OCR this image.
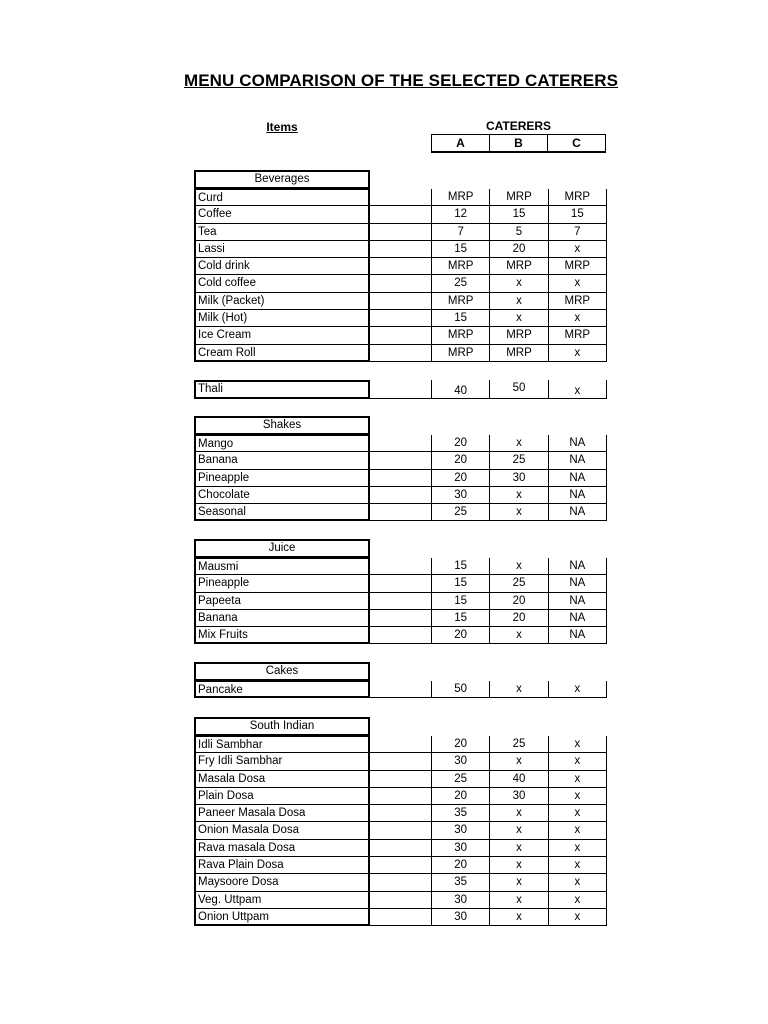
MENU COMPARISON OF THE SELECTED CATERERS
Items	CATERERS
A	B	C
Beverages
Curd	MRP	MRP	MRP
Coffee	12	15	15
Tea	7	5	7
Lassi	15	20	x
Cold drink	MRP	MRP	MRP
Cold coffee	25	x	x
Milk (Packet)	MRP	x	MRP
Milk (Hot)	15	x	x
Ice Cream	MRP	MRP	MRP
Cream Roll	MRP	MRP	x
Thali	40	50	x
Shakes
Mango	20	x	NA
Banana	20	25	NA
Pineapple	20	30	NA
Chocolate	30	x	NA
Seasonal	25	x	NA
Juice
Mausmi	15	x	NA
Pineapple	15	25	NA
Papeeta	15	20	NA
Banana	15	20	NA
Mix Fruits	20	x	NA
Cakes
Pancake	50	x	x
South Indian
Idli Sambhar	20	25	x
Fry Idli Sambhar	30	x	x
Masala Dosa	25	40	x
Plain Dosa	20	30	x
Paneer Masala Dosa	35	x	x
Onion Masala Dosa	30	x	x
Rava masala Dosa	30	x	x
Rava Plain Dosa	20	x	x
Maysoore Dosa	35	x	x
Veg. Uttpam	30	x	x
Onion Uttpam	30	x	x
